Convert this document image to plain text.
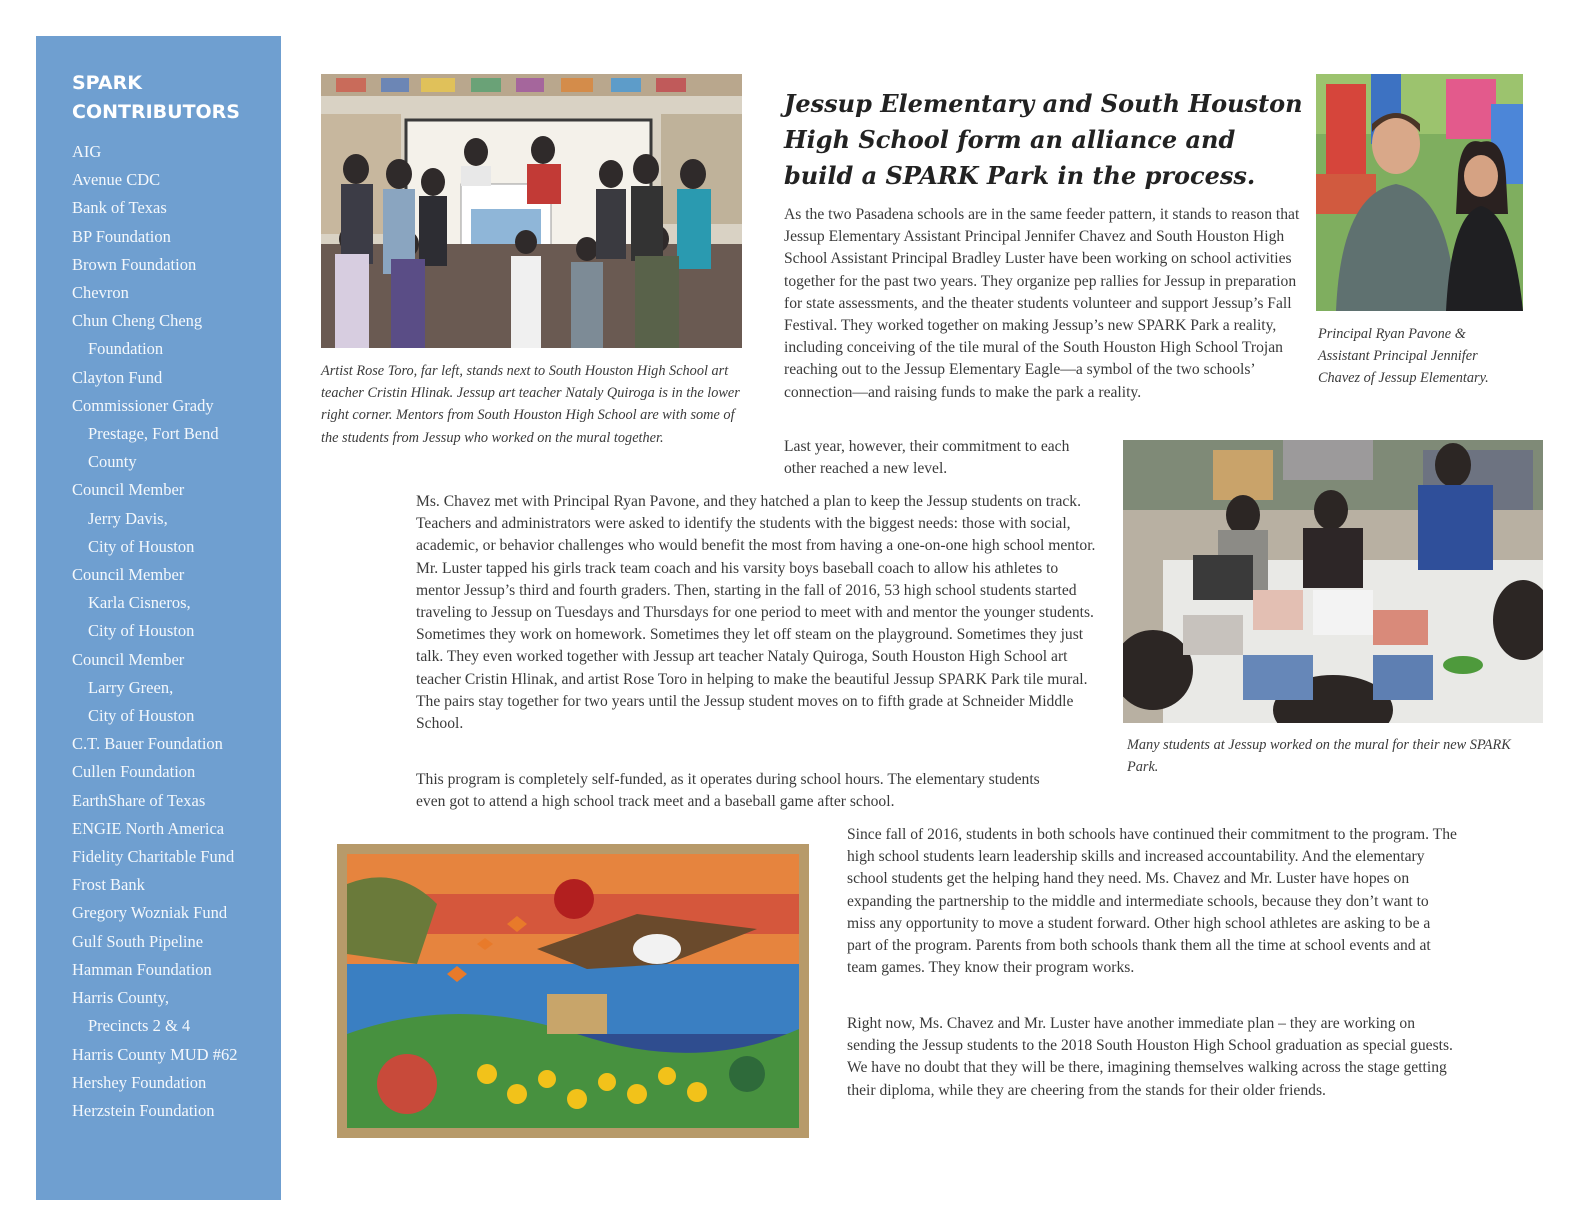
SPARK CONTRIBUTORS
AIG
Avenue CDC
Bank of Texas
BP Foundation
Brown Foundation
Chevron
Chun Cheng Cheng
Foundation
Clayton Fund
Commissioner Grady
Prestage, Fort Bend
County
Council Member
Jerry Davis,
City of Houston
Council Member
Karla Cisneros,
City of Houston
Council Member
Larry Green,
City of Houston
C.T. Bauer Foundation
Cullen Foundation
EarthShare of Texas
ENGIE North America
Fidelity Charitable Fund
Frost Bank
Gregory Wozniak Fund
Gulf South Pipeline
Hamman Foundation
Harris County,
Precincts 2 & 4
Harris County MUD #62
Hershey Foundation
Herzstein Foundation

Artist Rose Toro, far left, stands next to South Houston High School art teacher Cristin Hlinak. Jessup art teacher Nataly Quiroga is in the lower right corner. Mentors from South Houston High School are with some of the students from Jessup who worked on the mural together.

Jessup Elementary and South Houston High School form an alliance and build a SPARK Park in the process.

Principal Ryan Pavone & Assistant Principal Jennifer Chavez of Jessup Elementary.

As the two Pasadena schools are in the same feeder pattern, it stands to reason that Jessup Elementary Assistant Principal Jennifer Chavez and South Houston High School Assistant Principal Bradley Luster have been working on school activities together for the past two years. They organize pep rallies for Jessup in preparation for state assessments, and the theater students volunteer and support Jessup’s Fall Festival. They worked together on making Jessup’s new SPARK Park a reality, including conceiving of the tile mural of the South Houston High School Trojan reaching out to the Jessup Elementary Eagle—a symbol of the two schools’ connection—and raising funds to make the park a reality.

Last year, however, their commitment to each other reached a new level.

Many students at Jessup worked on the mural for their new SPARK Park.

Ms. Chavez met with Principal Ryan Pavone, and they hatched a plan to keep the Jessup students on track. Teachers and administrators were asked to identify the students with the biggest needs: those with social, academic, or behavior challenges who would benefit the most from having a one-on-one high school mentor. Mr. Luster tapped his girls track team coach and his varsity boys baseball coach to allow his athletes to mentor Jessup’s third and fourth graders. Then, starting in the fall of 2016, 53 high school students started traveling to Jessup on Tuesdays and Thursdays for one period to meet with and mentor the younger students. Sometimes they work on homework. Sometimes they let off steam on the playground. Sometimes they just talk. They even worked together with Jessup art teacher Nataly Quiroga, South Houston High School art teacher Cristin Hlinak, and artist Rose Toro in helping to make the beautiful Jessup SPARK Park tile mural. The pairs stay together for two years until the Jessup student moves on to fifth grade at Schneider Middle School.

This program is completely self-funded, as it operates during school hours. The elementary students even got to attend a high school track meet and a baseball game after school.

Since fall of 2016, students in both schools have continued their commitment to the program. The high school students learn leadership skills and increased accountability. And the elementary school students get the helping hand they need. Ms. Chavez and Mr. Luster have hopes on expanding the partnership to the middle and intermediate schools, because they don’t want to miss any opportunity to move a student forward. Other high school athletes are asking to be a part of the program. Parents from both schools thank them all the time at school events and at team games. They know their program works.

Right now, Ms. Chavez and Mr. Luster have another immediate plan – they are working on sending the Jessup students to the 2018 South Houston High School graduation as special guests. We have no doubt that they will be there, imagining themselves walking across the stage getting their diploma, while they are cheering from the stands for their older friends.
